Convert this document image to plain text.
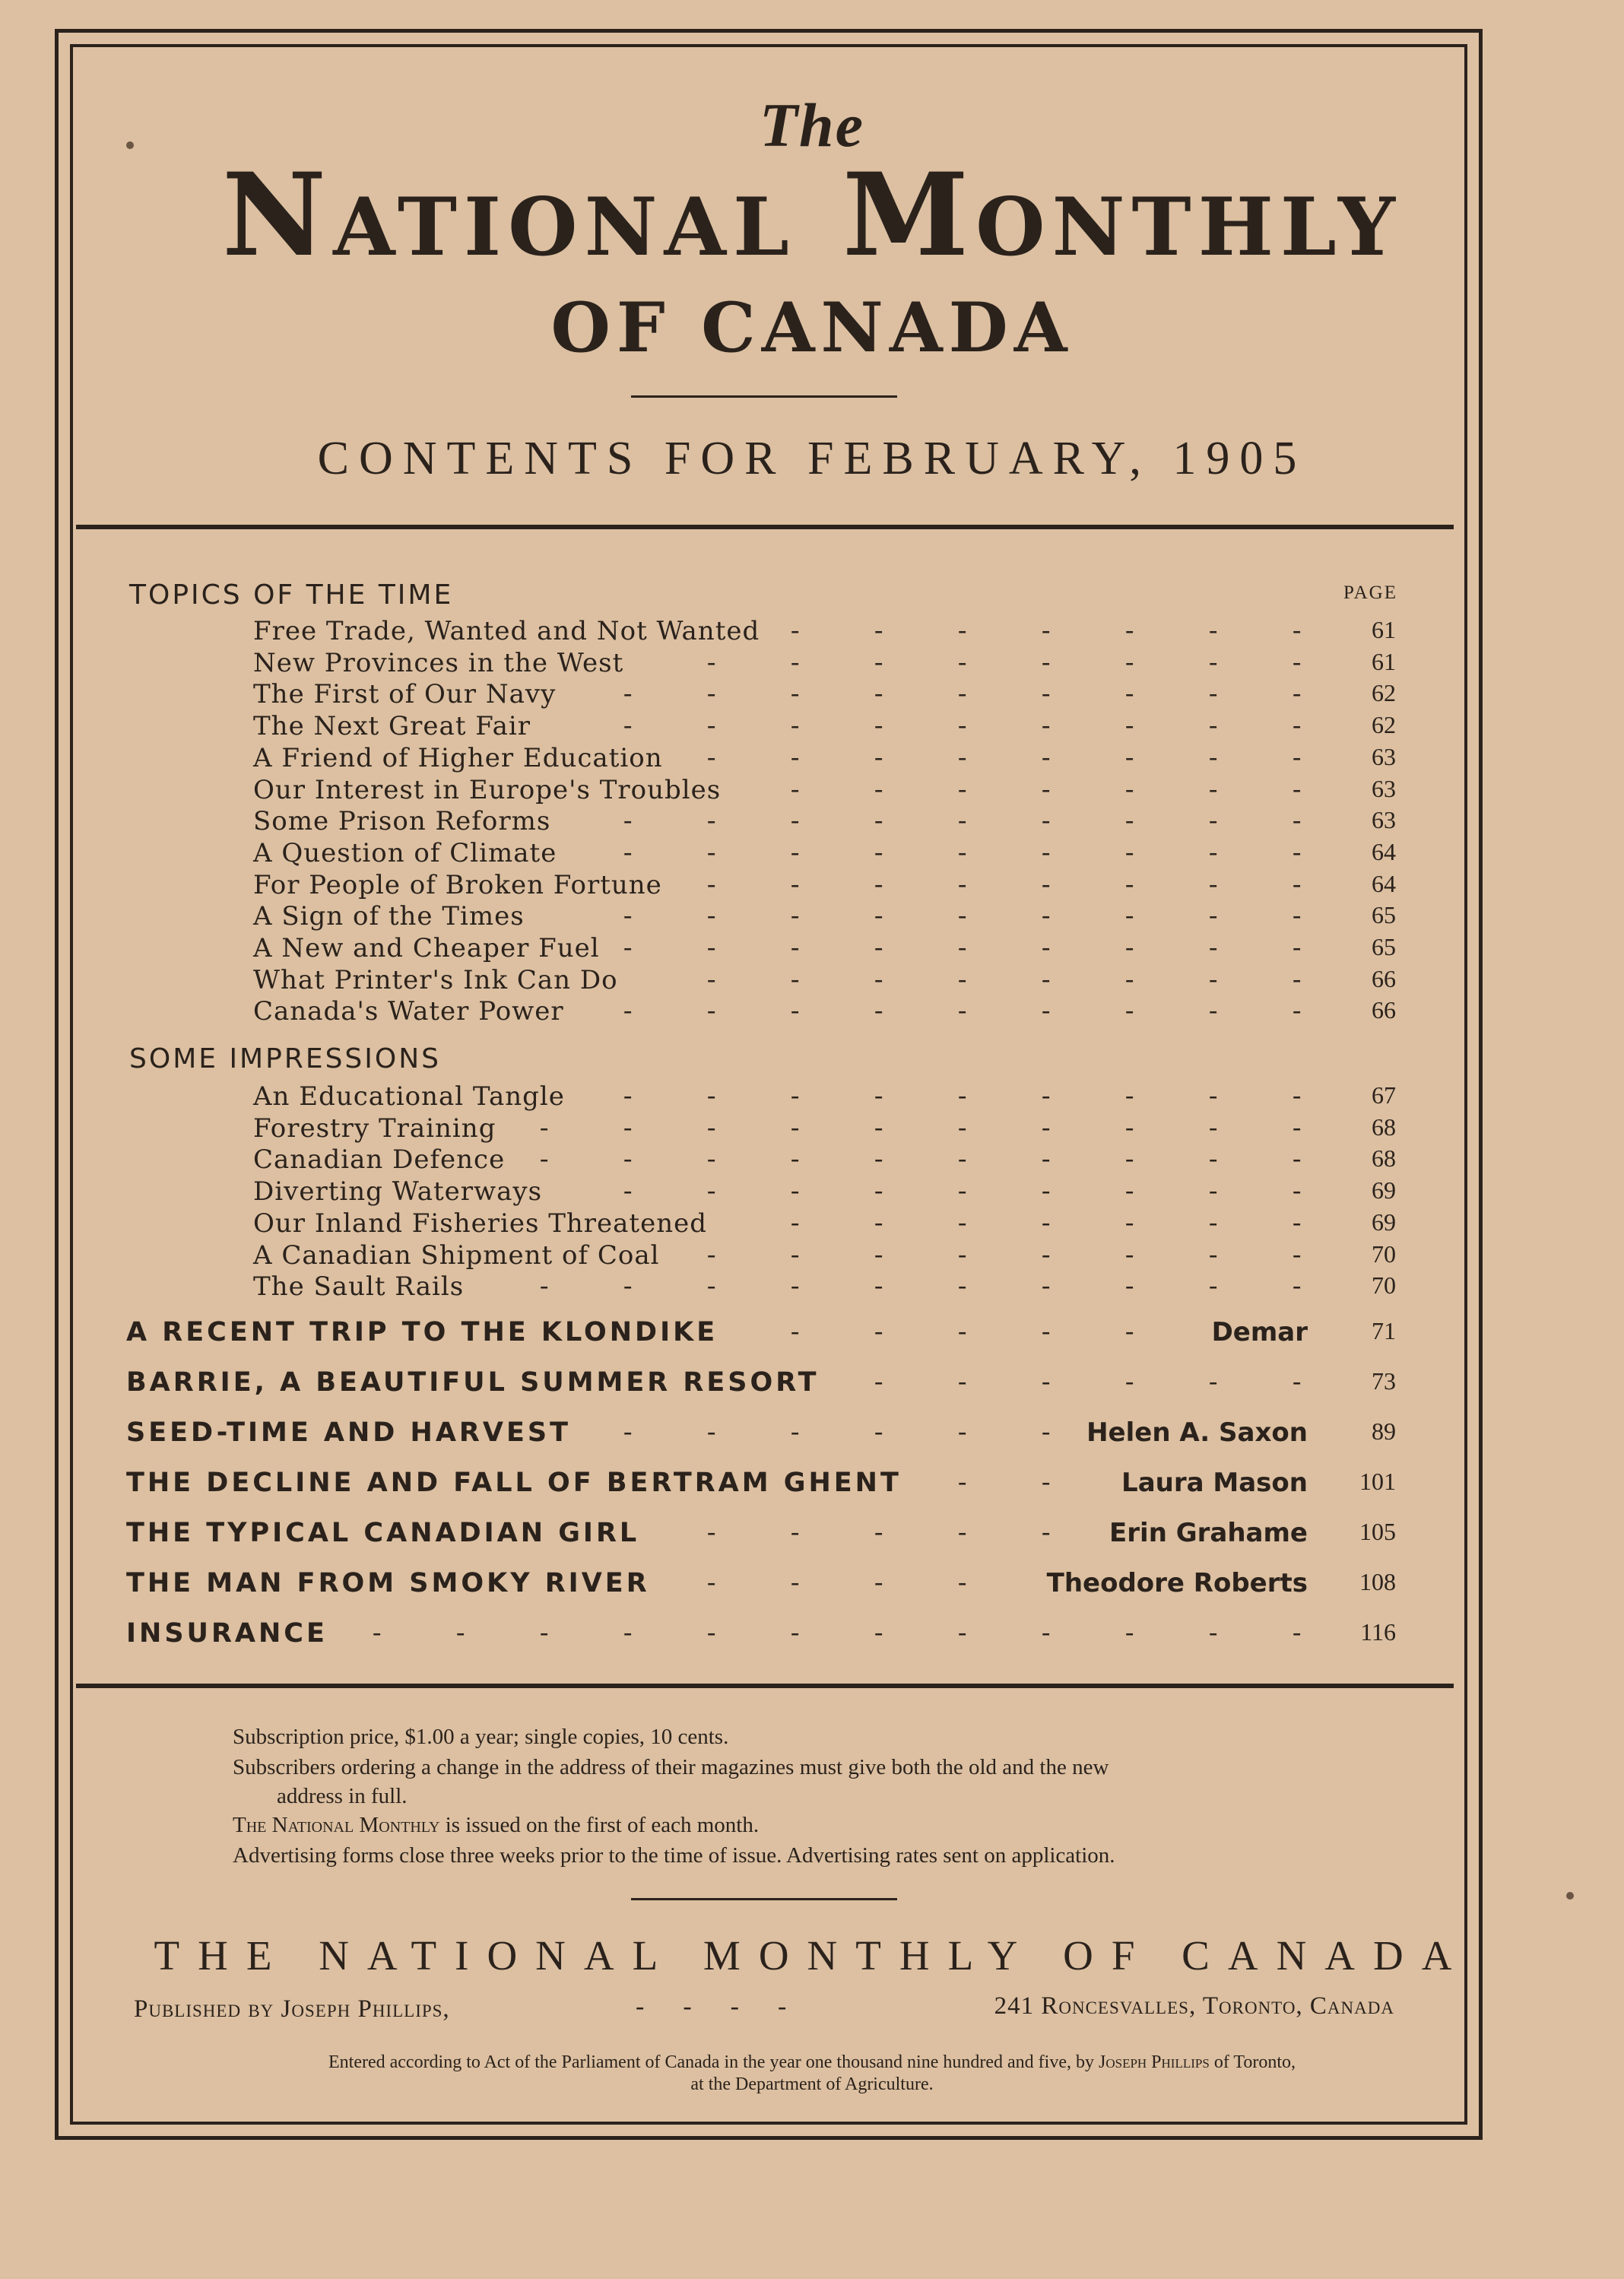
The
National Monthly
OF CANADA
CONTENTS FOR FEBRUARY, 1905
PAGE
TOPICS OF THE TIME
Free Trade, Wanted and Not Wanted -	-	-	-	-	-	-	61
New Provinces in the West	-	-	-	-	-	-	-	-	61
The First of Our Navy	-	-	-	-	-	-	-	-	-	62
The Next Great Fair	-	-	-	-	-	-	-	-	-	62
A Friend of Higher Education -	-	-	-	-	-	-	-	63
Our Interest in Europe's Troubles	-	-	-	-	-	-	-	63
Some Prison Reforms	-	-	-	-	-	-	-	-	-	63
A Question of Climate	-	-	-	-	-	-	-	-	-	64
For People of Broken Fortune -	-	-	-	-	-	-	-	64
A Sign of the Times	-	-	-	-	-	-	-	-	-	65
A New and Cheaper Fuel -	-	-	-	-	-	-	-	-	65
What Printer's Ink Can Do	-	-	-	-	-	-	-	-	66
Canada's Water Power -	-	-	-	-	-	-	-	-	66
SOME IMPRESSIONS
An Educational Tangle -	-	-	-	-	-	-	-	-	67
Forestry Training -	-	-	-	-	-	-	-	-	-	68
Canadian Defence -	-	-	-	-	-	-	-	-	-	68
Diverting Waterways	-	-	-	-	-	-	-	-	-	69
Our Inland Fisheries Threatened	-	-	-	-	-	-	-	69
A Canadian Shipment of Coal -	-	-	-	-	-	-	-	70
The Sault Rails	-	-	-	-	-	-	-	-	-	-	70
A RECENT TRIP TO THE KLONDIKE	-	-	-	-	-	Demar	71
BARRIE, A BEAUTIFUL SUMMER RESORT -	-	-	-	-	-	73
SEED-TIME AND HARVEST -	-	-	-	-	- Helen A. Saxon	89
THE DECLINE AND FALL OF BERTRAM GHENT -	-	Laura Mason	101
THE TYPICAL CANADIAN GIRL	-	-	-	-	- Erin Grahame	105
THE MAN FROM SMOKY RIVER -	-	-	-	Theodore Roberts	108
INSURANCE -	-	-	-	-	-	-	-	-	-	-	-	116
Subscription price, $1.00 a year; single copies, 10 cents.
Subscribers ordering a change in the address of their magazines must give both the old and the new
address in full.
The National Monthly is issued on the first of each month.
Advertising forms close three weeks prior to the time of issue. Advertising rates sent on application.
THE NATIONAL MONTHLY OF CANADA
Published by Joseph Phillips,	-      -      -      -	241 Roncesvalles, Toronto, Canada
Entered according to Act of the Parliament of Canada in the year one thousand nine hundred and five, by Joseph Phillips of Toronto,
at the Department of Agriculture.
